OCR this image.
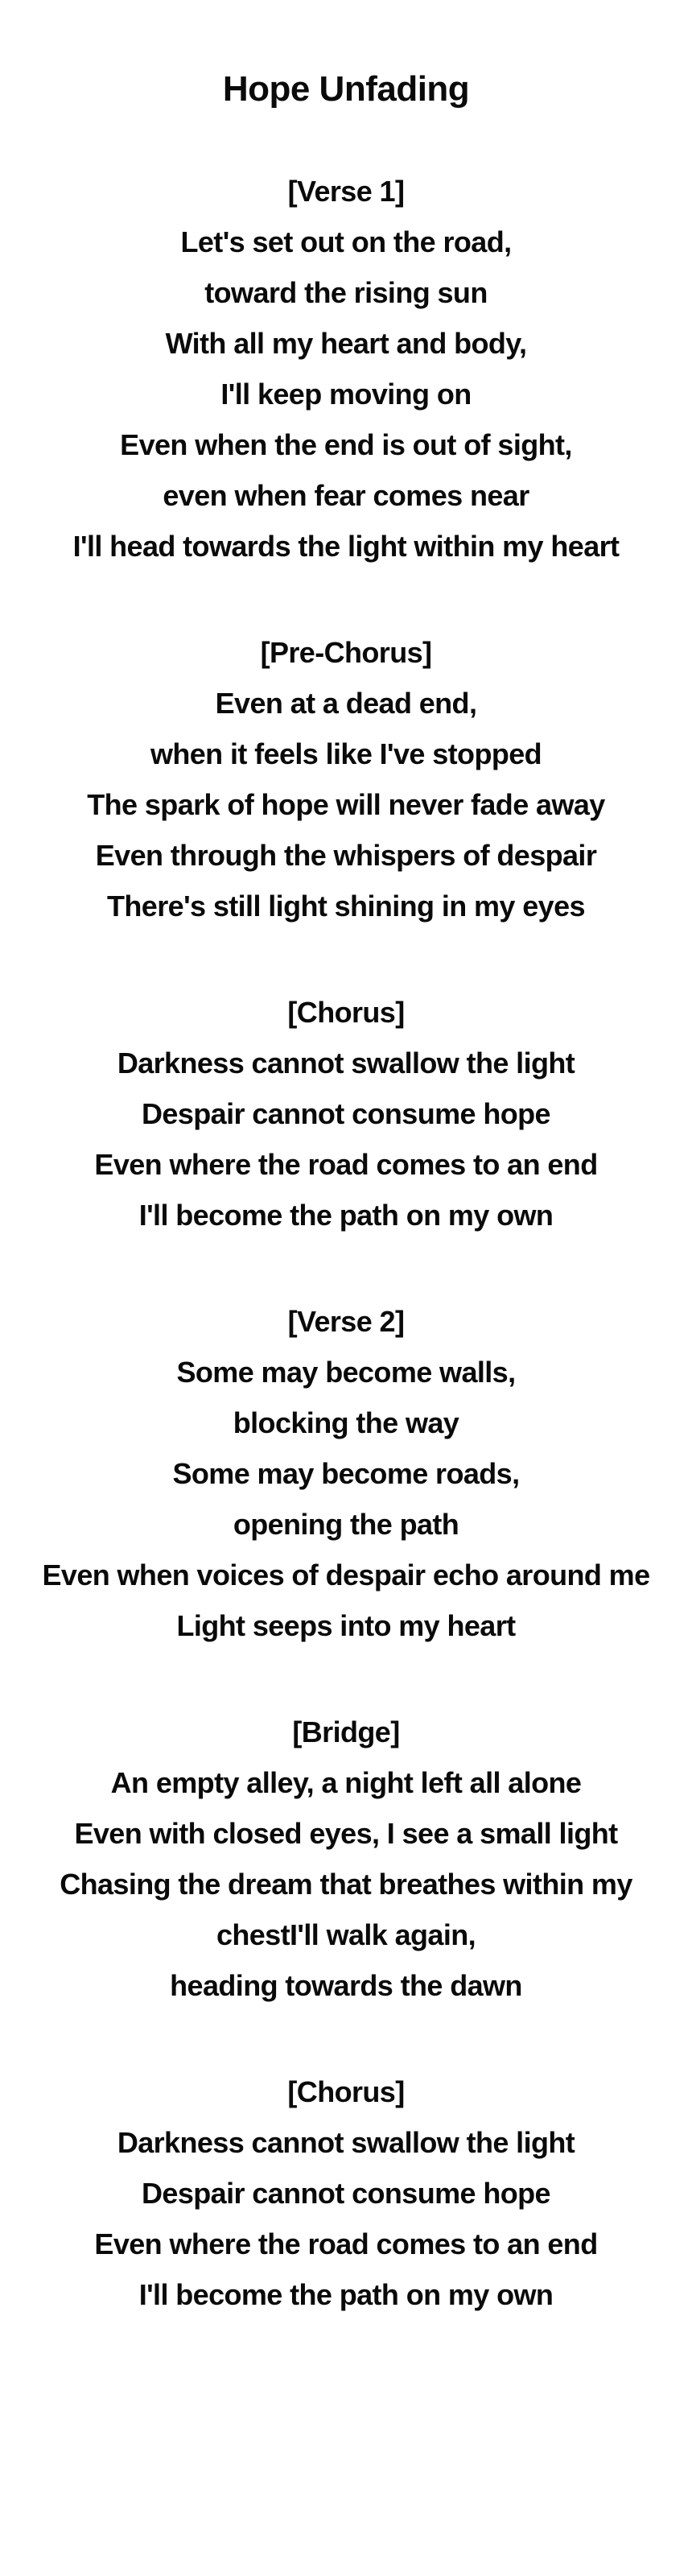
Hope Unfading

[Verse 1]

Let's set out on the road,

toward the rising sun

With all my heart and body,

I'll keep moving on

Even when the end is out of sight,

even when fear comes near

I'll head towards the light within my heart

[Pre-Chorus]

Even at a dead end,

when it feels like I've stopped

The spark of hope will never fade away

Even through the whispers of despair

There's still light shining in my eyes

[Chorus]

Darkness cannot swallow the light

Despair cannot consume hope

Even where the road comes to an end

I'll become the path on my own

[Verse 2]

Some may become walls,

blocking the way

Some may become roads,

opening the path

Even when voices of despair echo around me

Light seeps into my heart

[Bridge]

An empty alley, a night left all alone

Even with closed eyes, I see a small light

Chasing the dream that breathes within my

chestI'll walk again,

heading towards the dawn

[Chorus]

Darkness cannot swallow the light

Despair cannot consume hope

Even where the road comes to an end

I'll become the path on my own
